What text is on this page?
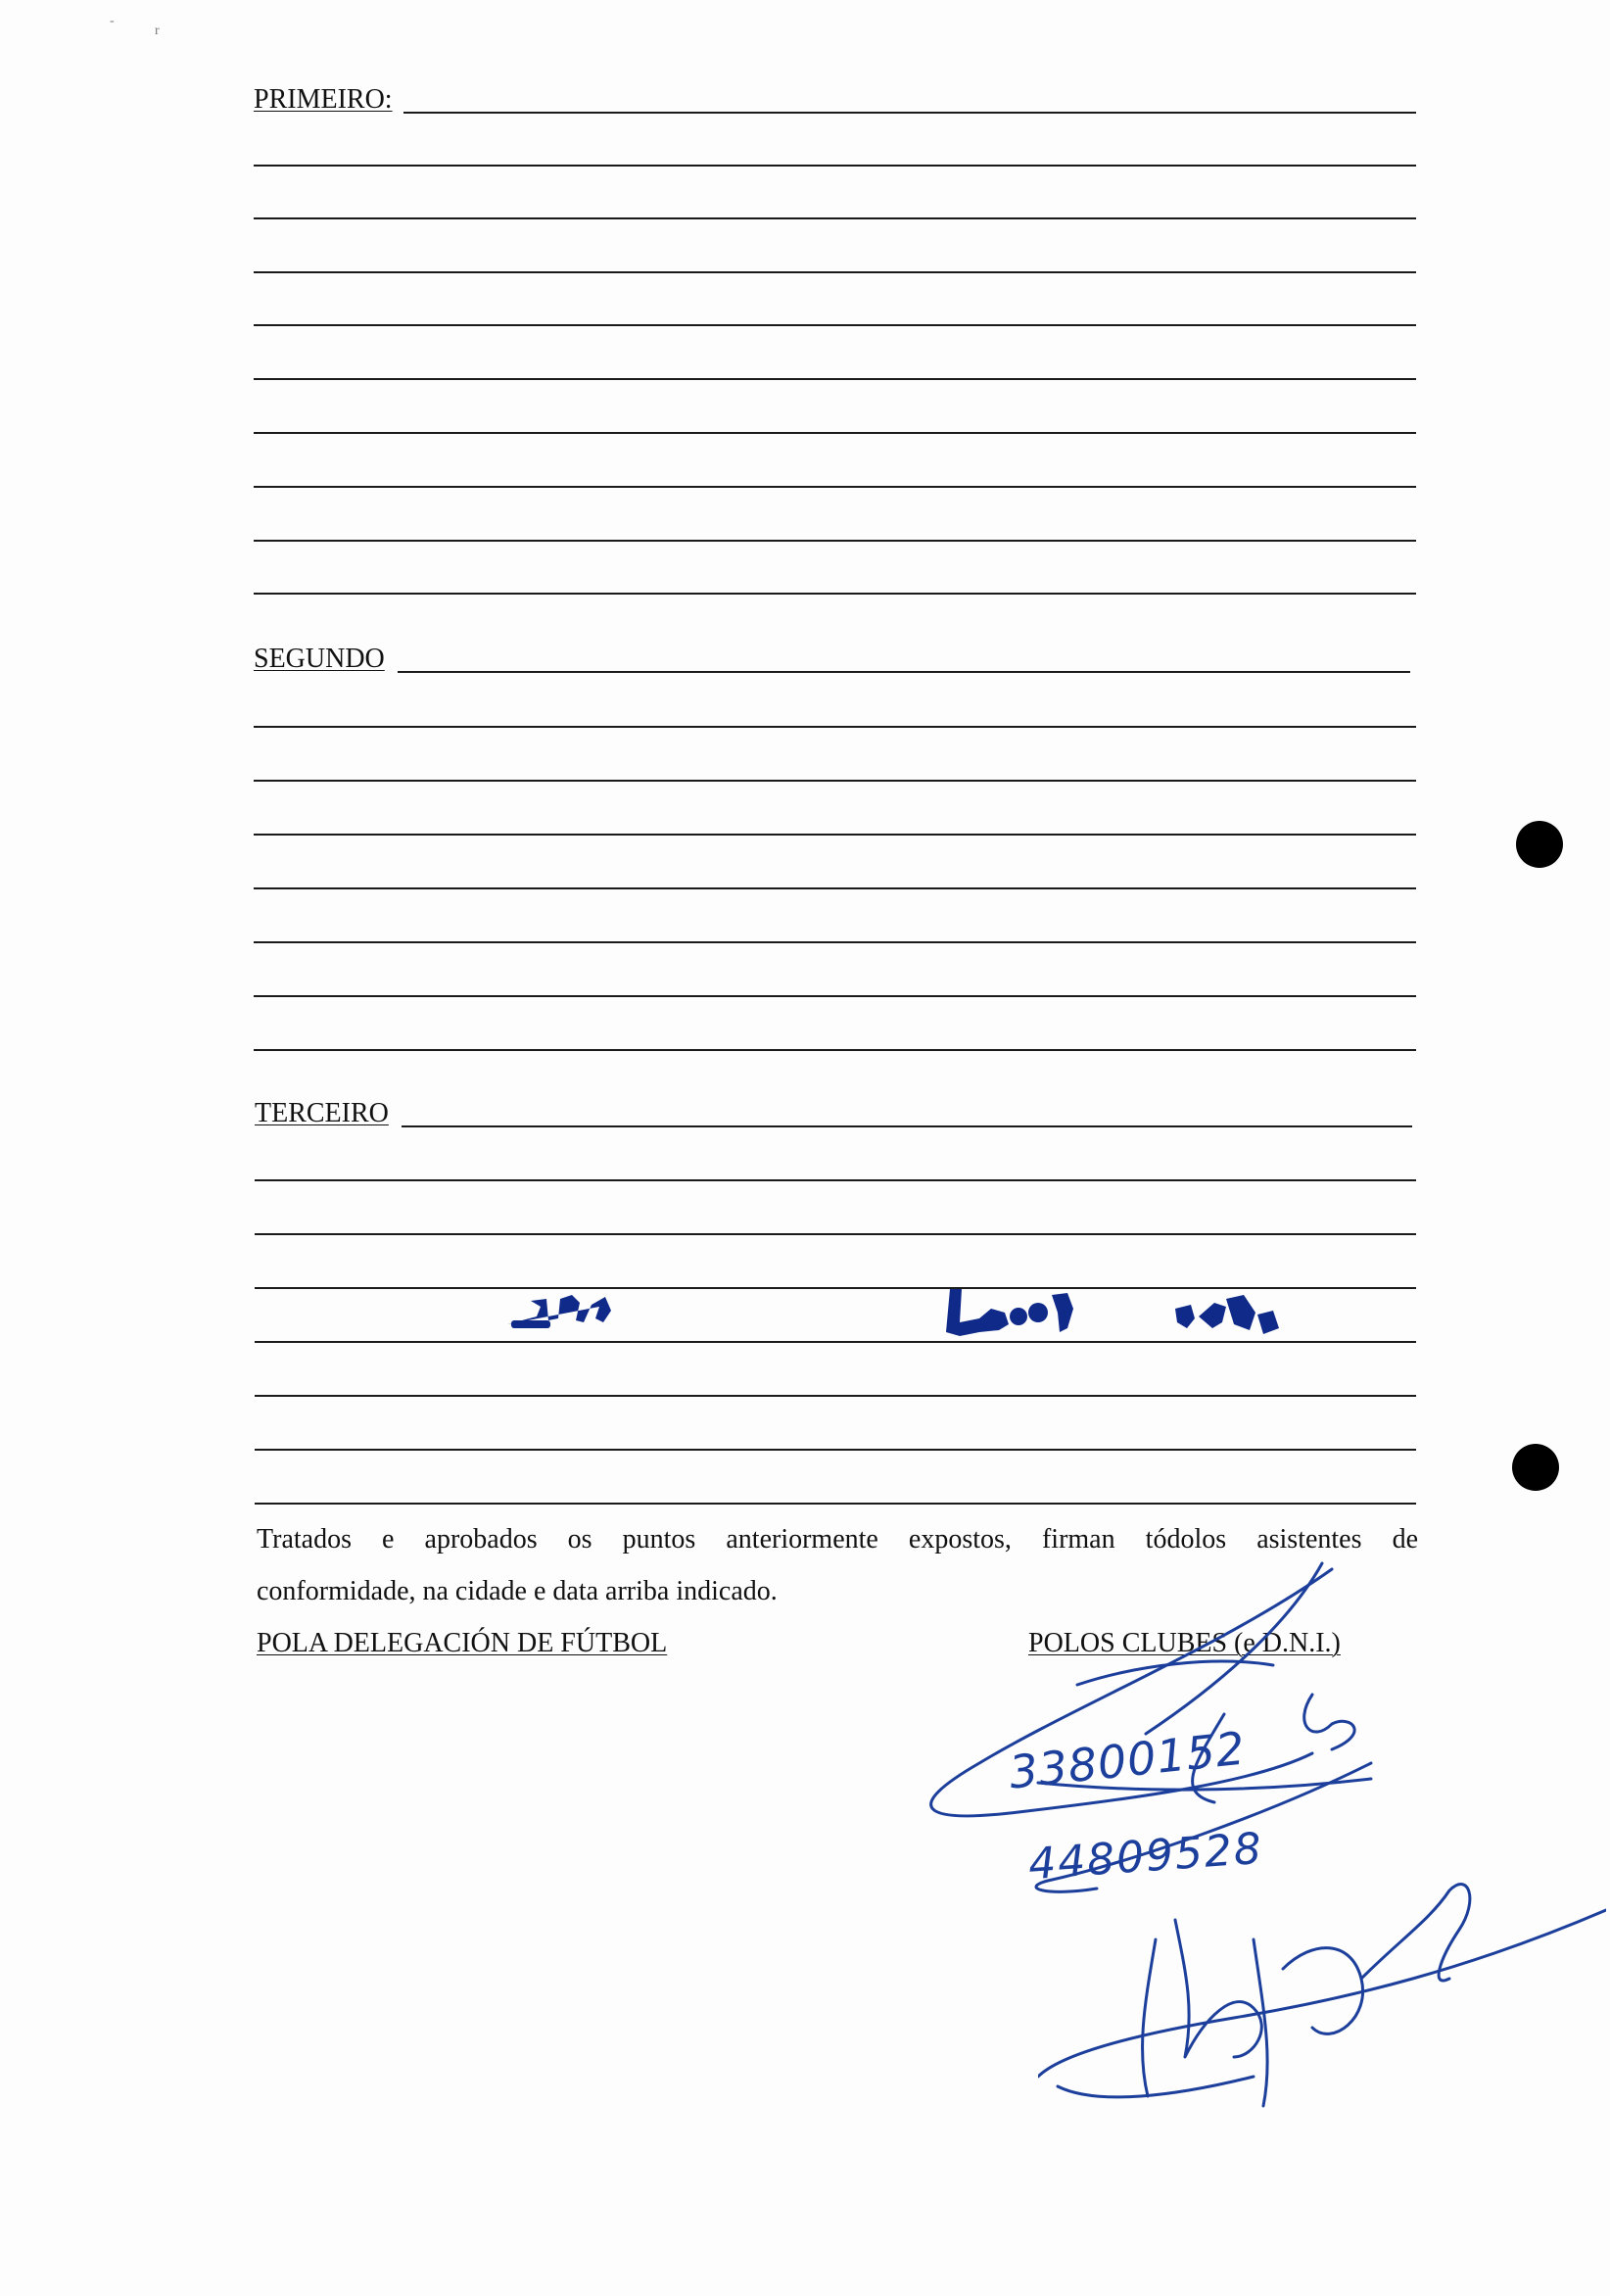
‐
r
PRIMEIRO:
SEGUNDO
TERCEIRO
Tratados e aprobados os puntos anteriormente expostos, firman tódolos asistentes de
conformidade, na cidade e data arriba indicado.
POLA DELEGACIÓN DE FÚTBOL	POLOS CLUBES (e D.N.I.)
33800152
44809528
